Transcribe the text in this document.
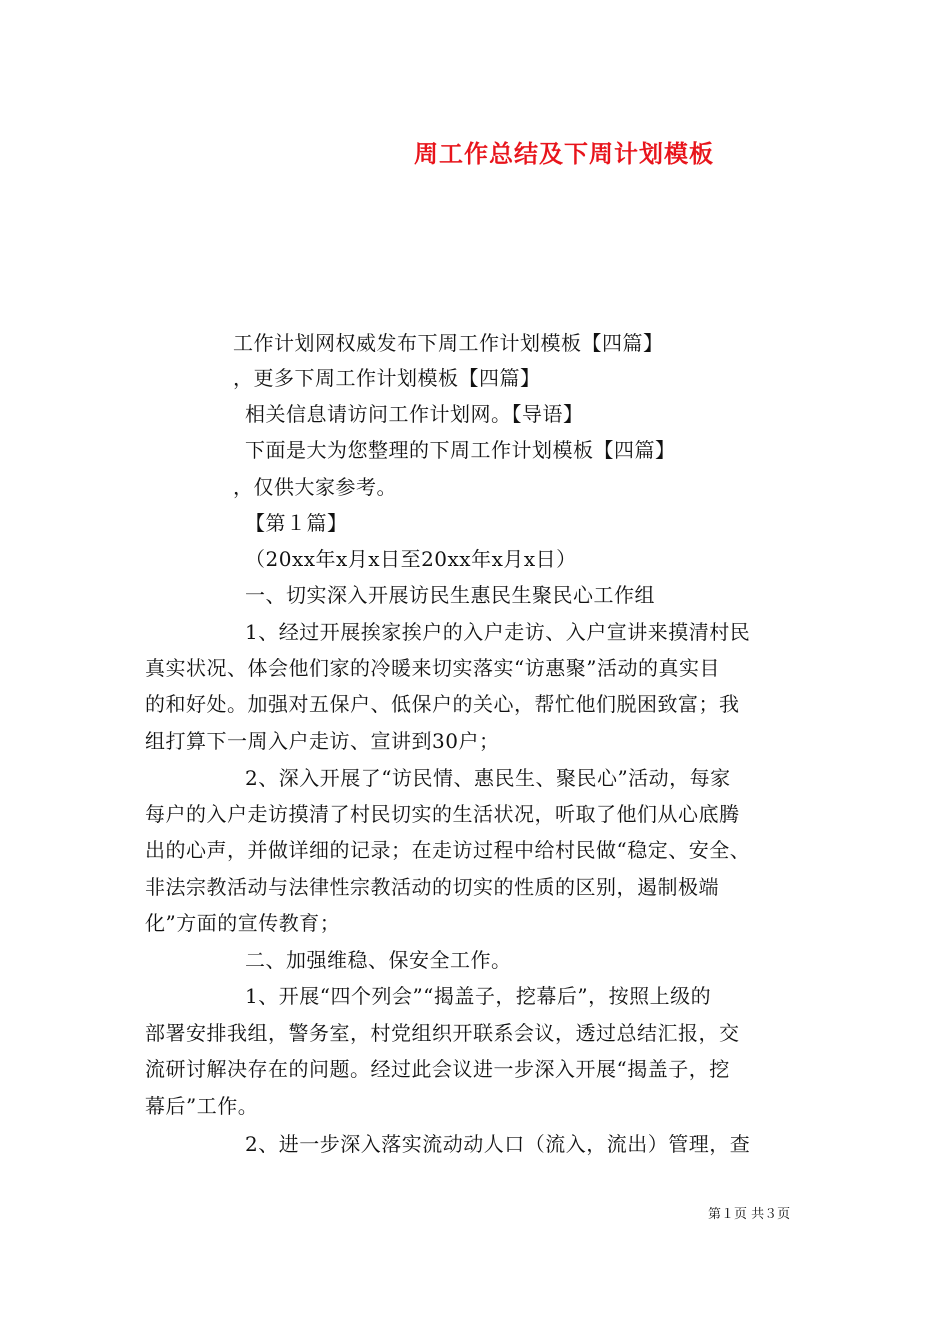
周工作总结及下周计划模板
工作计划网权威发布下周工作计划模板【四篇】
，更多下周工作计划模板【四篇】
相关信息请访问工作计划网。【导语】
下面是大为您整理的下周工作计划模板【四篇】
，仅供大家参考。
【第１篇】
（20xx年x月x日至20xx年x月x日）
一、切实深入开展访民生惠民生聚民心工作组
1、经过开展挨家挨户的入户走访、入户宣讲来摸清村民
真实状况、体会他们家的冷暖来切实落实“访惠聚”活动的真实目
的和好处。加强对五保户、低保户的关心，帮忙他们脱困致富；我
组打算下一周入户走访、宣讲到30户；
2、深入开展了“访民情、惠民生、聚民心”活动，每家
每户的入户走访摸清了村民切实的生活状况，听取了他们从心底腾
出的心声，并做详细的记录；在走访过程中给村民做“稳定、安全、
非法宗教活动与法律性宗教活动的切实的性质的区别，遏制极端
化”方面的宣传教育；
二、加强维稳、保安全工作。
1、开展“四个列会”“揭盖子，挖幕后”，按照上级的
部署安排我组，警务室，村党组织开联系会议，透过总结汇报，交
流研讨解决存在的问题。经过此会议进一步深入开展“揭盖子，挖
幕后”工作。
2、进一步深入落实流动动人口（流入，流出）管理，查
第１页 共３页
